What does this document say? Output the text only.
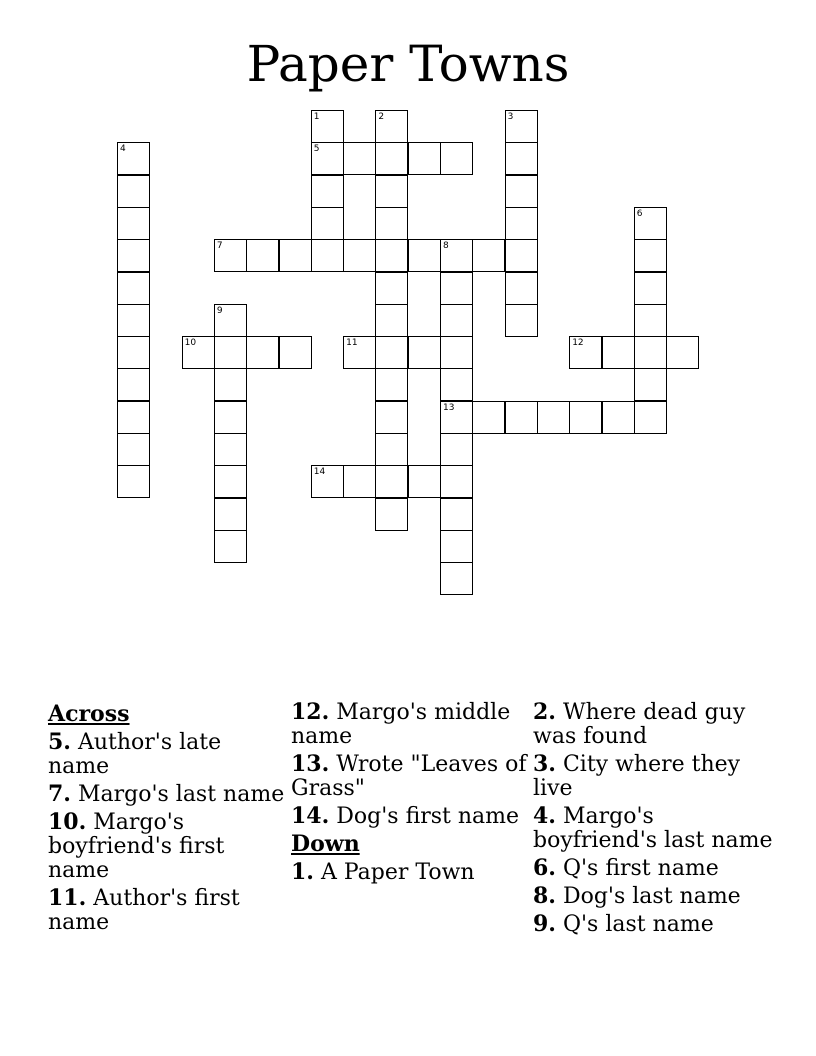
Paper Towns
1	2	3
4	5
6
7	8
9
10	11	12
13
14
Across
5. Author's late name
7. Margo's last name
10. Margo's boyfriend's first name
11. Author's first name
12. Margo's middle name
13. Wrote "Leaves of Grass"
14. Dog's first name
Down
1. A Paper Town
2. Where dead guy was found
3. City where they live
4. Margo's boyfriend's last name
6. Q's first name
8. Dog's last name
9. Q's last name
